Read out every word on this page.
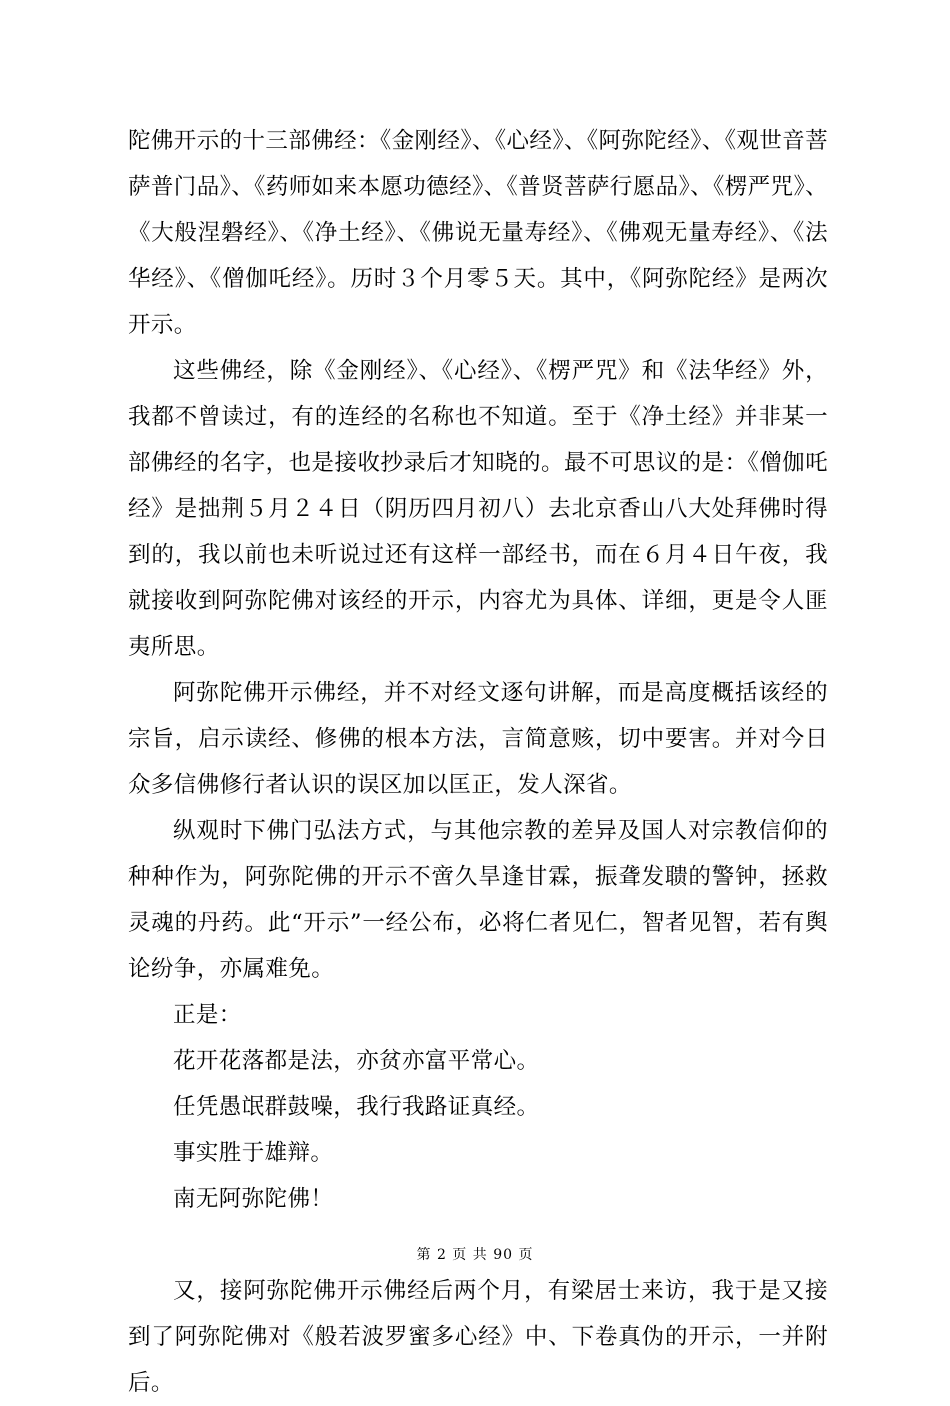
陀佛开示的十三部佛经：《金刚经》、《心经》、《阿弥陀经》、《观世音菩萨普门品》、《药师如来本愿功德经》、《普贤菩萨行愿品》、《楞严咒》、《大般涅磐经》、《净土经》、《佛说无量寿经》、《佛观无量寿经》、《法华经》、《僧伽吒经》。历时３个月零５天。其中，《阿弥陀经》是两次开示。

这些佛经，除《金刚经》、《心经》、《楞严咒》和《法华经》外，我都不曾读过，有的连经的名称也不知道。至于《净土经》并非某一部佛经的名字，也是接收抄录后才知晓的。最不可思议的是：《僧伽吒经》是拙荆５月２４日（阴历四月初八）去北京香山八大处拜佛时得到的，我以前也未听说过还有这样一部经书，而在６月４日午夜，我就接收到阿弥陀佛对该经的开示，内容尤为具体、详细，更是令人匪夷所思。

阿弥陀佛开示佛经，并不对经文逐句讲解，而是高度概括该经的宗旨，启示读经、修佛的根本方法，言简意赅，切中要害。并对今日众多信佛修行者认识的误区加以匡正，发人深省。

纵观时下佛门弘法方式，与其他宗教的差异及国人对宗教信仰的种种作为，阿弥陀佛的开示不啻久旱逢甘霖，振聋发聩的警钟，拯救灵魂的丹药。此“开示”一经公布，必将仁者见仁，智者见智，若有舆论纷争，亦属难免。

正是：

花开花落都是法，亦贫亦富平常心。

任凭愚氓群鼓噪，我行我路证真经。

事实胜于雄辩。

南无阿弥陀佛！

又，接阿弥陀佛开示佛经后两个月，有梁居士来访，我于是又接到了阿弥陀佛对《般若波罗蜜多心经》中、下卷真伪的开示，一并附后。

第 2 页 共 90 页
